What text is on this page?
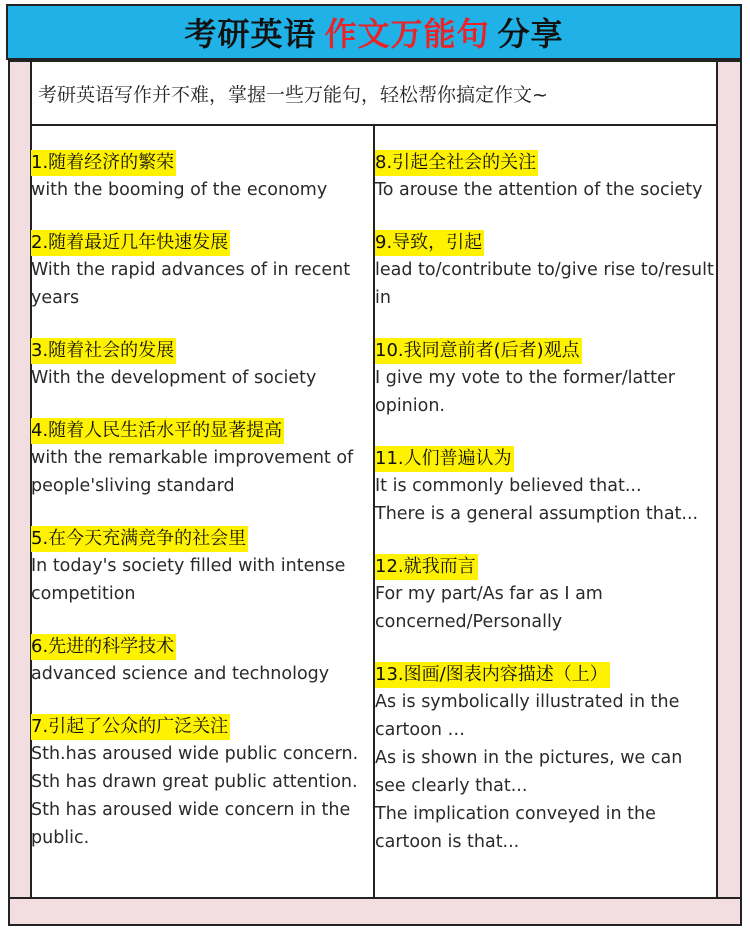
考研英语 作文万能句 分享
考研英语写作并不难，掌握一些万能句，轻松帮你搞定作文~
1.随着经济的繁荣
with the booming of the economy
2.随着最近几年快速发展
With the rapid advances of in recent years
3.随着社会的发展
With the development of society
4.随着人民生活水平的显著提高
with the remarkable improvement of people'sliving standard
5.在今天充满竞争的社会里
In today's society filled with intense competition
6.先进的科学技术
advanced science and technology
7.引起了公众的广泛关注
Sth.has aroused wide public concern.
Sth has drawn great public attention.
Sth has aroused wide concern in the public.
8.引起全社会的关注
To arouse the attention of the society
9.导致，引起
lead to/contribute to/give rise to/result in
10.我同意前者(后者)观点
I give my vote to the former/latter opinion.
11.人们普遍认为
It is commonly believed that...
There is a general assumption that...
12.就我而言
For my part/As far as I am concerned/Personally
13.图画/图表内容描述（上）
As is symbolically illustrated in the cartoon …
As is shown in the pictures, we can see clearly that...
The implication conveyed in the cartoon is that...
